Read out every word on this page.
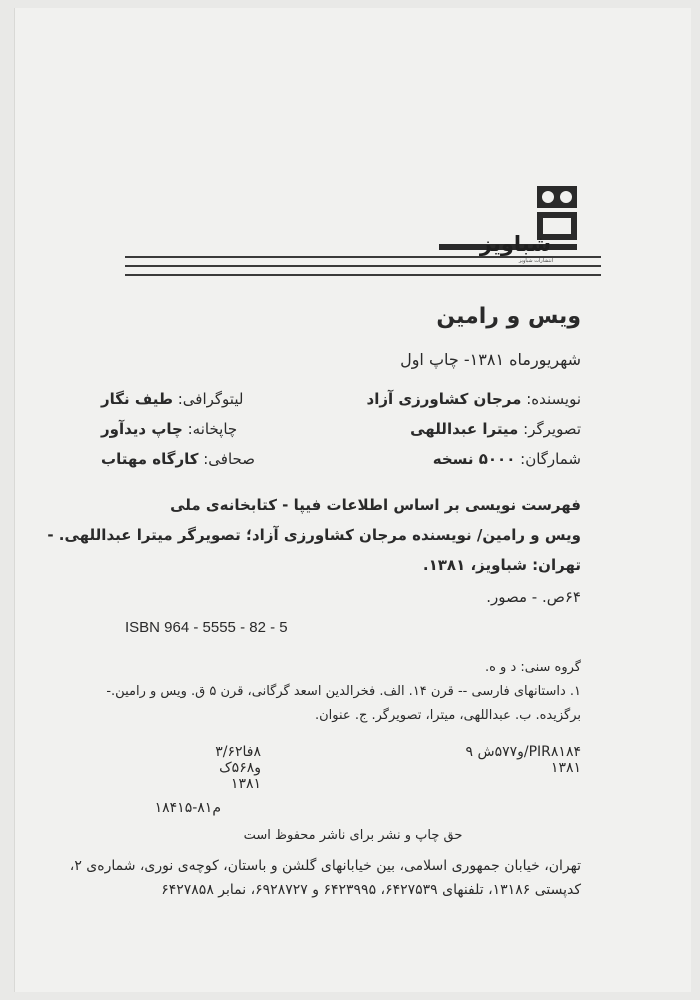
شباویز
انتشارات شباویز
ویس و رامین
شهریورماه ۱۳۸۱- چاپ اول
نویسنده: مرجان کشاورزی آزاد
لیتوگرافی: طیف نگار
تصویرگر: میترا عبداللهی
چاپخانه: چاپ دیدآور
شمارگان: ۵۰۰۰ نسخه
صحافی: کارگاه مهتاب
فهرست نویسی بر اساس اطلاعات فیپا - کتابخانه‌ی ملی
ویس و رامین/ نویسنده مرجان کشاورزی آزاد؛ تصویرگر میترا عبداللهی. -
تهران: شباویز، ۱۳۸۱.
۶۴ص. - مصور.
ISBN 964 - 5555 - 82 - 5
گروه سنی: د و ه.
۱. داستانهای فارسی -- قرن ۱۴. الف. فخرالدین اسعد گرگانی، قرن ۵ ق. ویس و رامین.-
برگزیده. ب. عبداللهی، میترا، تصویرگر. ج. عنوان.
۸فا۳/۶۲
و۵۶۸ک
۱۳۸۱
PIR۸۱۸۴/و۵۷۷ش ۹
۱۳۸۱
م۸۱-۱۸۴۱۵
حق چاپ و نشر برای ناشر محفوظ است
تهران، خیابان جمهوری اسلامی، بین خیابانهای گلشن و باستان، کوچه‌ی نوری، شماره‌ی ۲،
کدپستی ۱۳۱۸۶، تلفنهای ۶۴۲۷۵۳۹، ۶۴۲۳۹۹۵ و ۶۹۲۸۷۲۷، نمابر ۶۴۲۷۸۵۸
